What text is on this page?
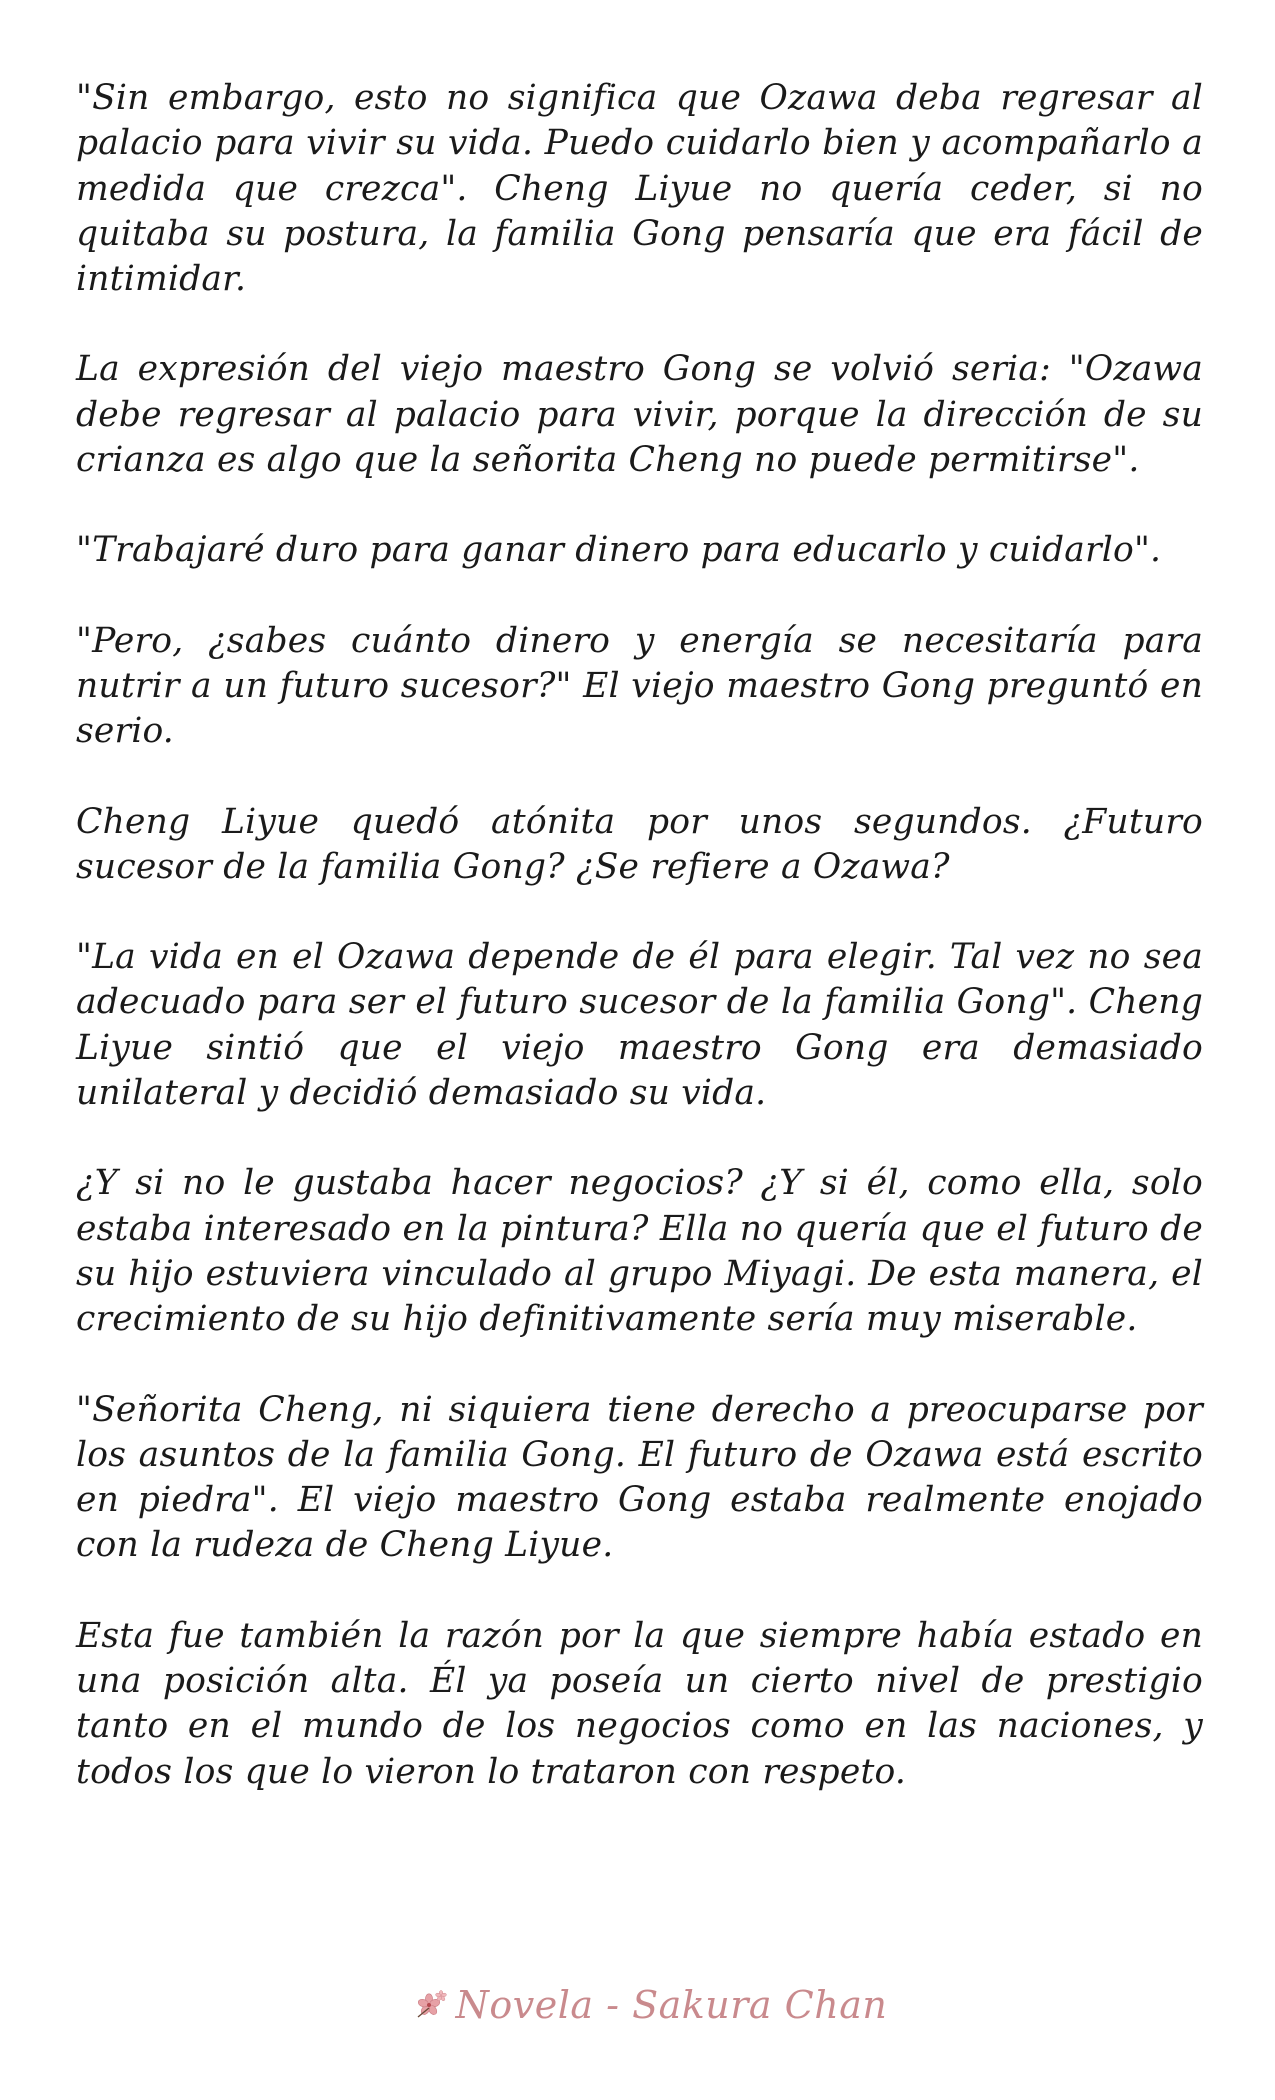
"Sin embargo, esto no significa que Ozawa deba regresar al palacio para vivir su vida. Puedo cuidarlo bien y acompañarlo a medida que crezca". Cheng Liyue no quería ceder, si no quitaba su postura, la familia Gong pensaría que era fácil de intimidar.

La expresión del viejo maestro Gong se volvió seria: "Ozawa debe regresar al palacio para vivir, porque la dirección de su crianza es algo que la señorita Cheng no puede permitirse".

"Trabajaré duro para ganar dinero para educarlo y cuidarlo".

"Pero, ¿sabes cuánto dinero y energía se necesitaría para nutrir a un futuro sucesor?" El viejo maestro Gong preguntó en serio.

Cheng Liyue quedó atónita por unos segundos. ¿Futuro sucesor de la familia Gong? ¿Se refiere a Ozawa?

"La vida en el Ozawa depende de él para elegir. Tal vez no sea adecuado para ser el futuro sucesor de la familia Gong". Cheng Liyue sintió que el viejo maestro Gong era demasiado unilateral y decidió demasiado su vida.

¿Y si no le gustaba hacer negocios? ¿Y si él, como ella, solo estaba interesado en la pintura? Ella no quería que el futuro de su hijo estuviera vinculado al grupo Miyagi. De esta manera, el crecimiento de su hijo definitivamente sería muy miserable.

"Señorita Cheng, ni siquiera tiene derecho a preocuparse por los asuntos de la familia Gong. El futuro de Ozawa está escrito en piedra". El viejo maestro Gong estaba realmente enojado con la rudeza de Cheng Liyue.

Esta fue también la razón por la que siempre había estado en una posición alta. Él ya poseía un cierto nivel de prestigio tanto en el mundo de los negocios como en las naciones, y todos los que lo vieron lo trataron con respeto.

Novela - Sakura Chan
